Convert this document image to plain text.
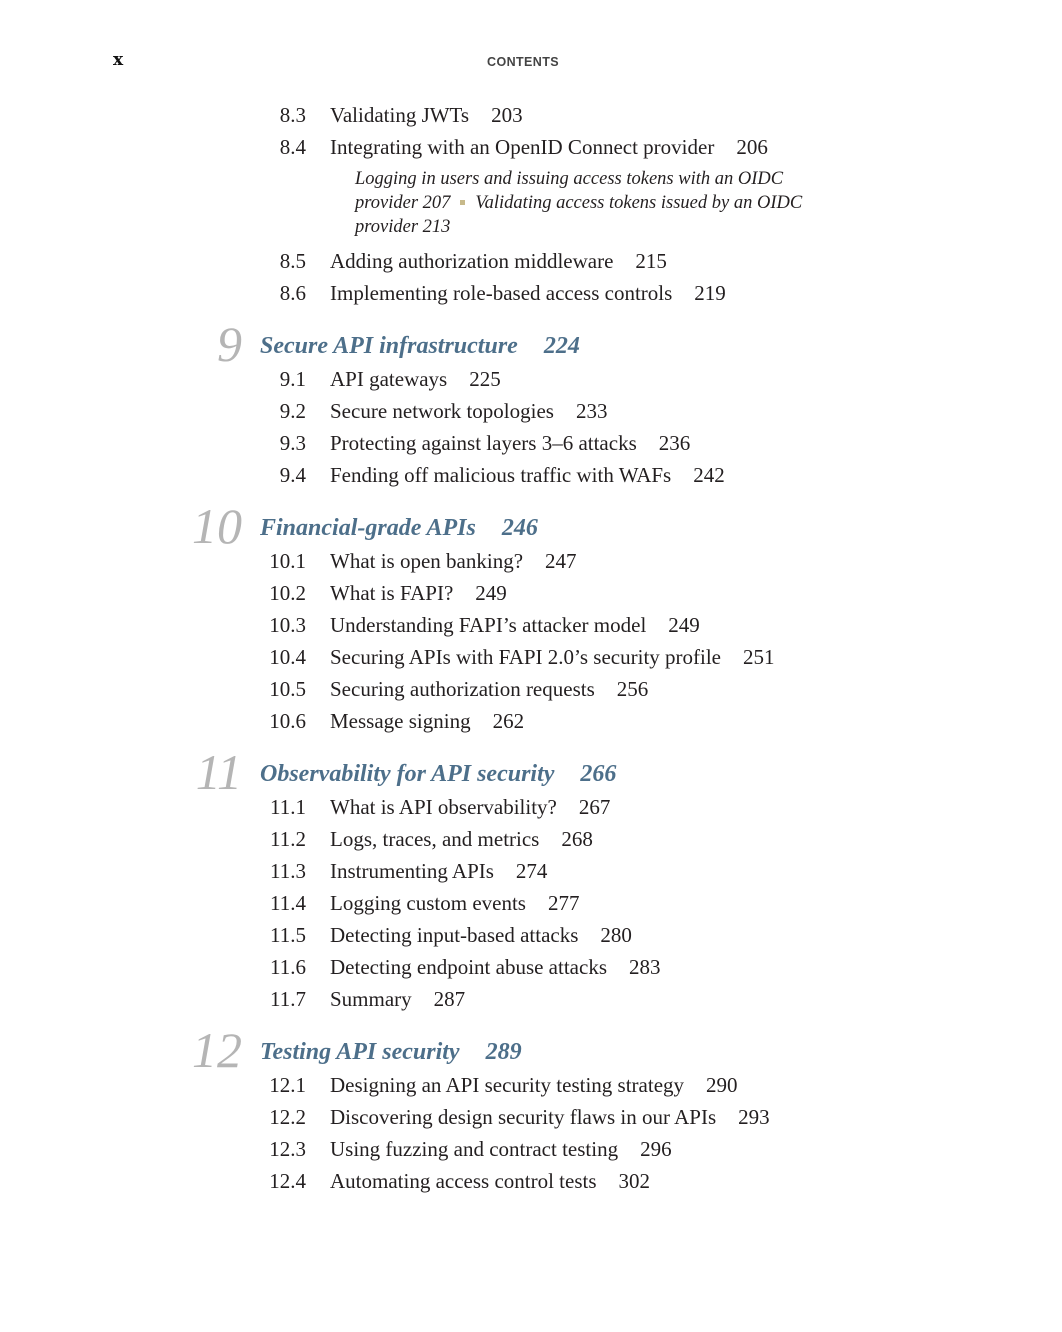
x	CONTENTS
8.3 Validating JWTs 203
8.4 Integrating with an OpenID Connect provider 206
Logging in users and issuing access tokens with an OIDC
provider 207 Validating access tokens issued by an OIDC
provider 213
8.5 Adding authorization middleware 215
8.6 Implementing role-based access controls 219
9 Secure API infrastructure 224
9.1 API gateways 225
9.2 Secure network topologies 233
9.3 Protecting against layers 3–6 attacks 236
9.4 Fending off malicious traffic with WAFs 242
10 Financial-grade APIs 246
10.1 What is open banking? 247
10.2 What is FAPI? 249
10.3 Understanding FAPI’s attacker model 249
10.4 Securing APIs with FAPI 2.0’s security profile 251
10.5 Securing authorization requests 256
10.6 Message signing 262
11 Observability for API security 266
11.1 What is API observability? 267
11.2 Logs, traces, and metrics 268
11.3 Instrumenting APIs 274
11.4 Logging custom events 277
11.5 Detecting input-based attacks 280
11.6 Detecting endpoint abuse attacks 283
11.7 Summary 287
12 Testing API security 289
12.1 Designing an API security testing strategy 290
12.2 Discovering design security flaws in our APIs 293
12.3 Using fuzzing and contract testing 296
12.4 Automating access control tests 302
